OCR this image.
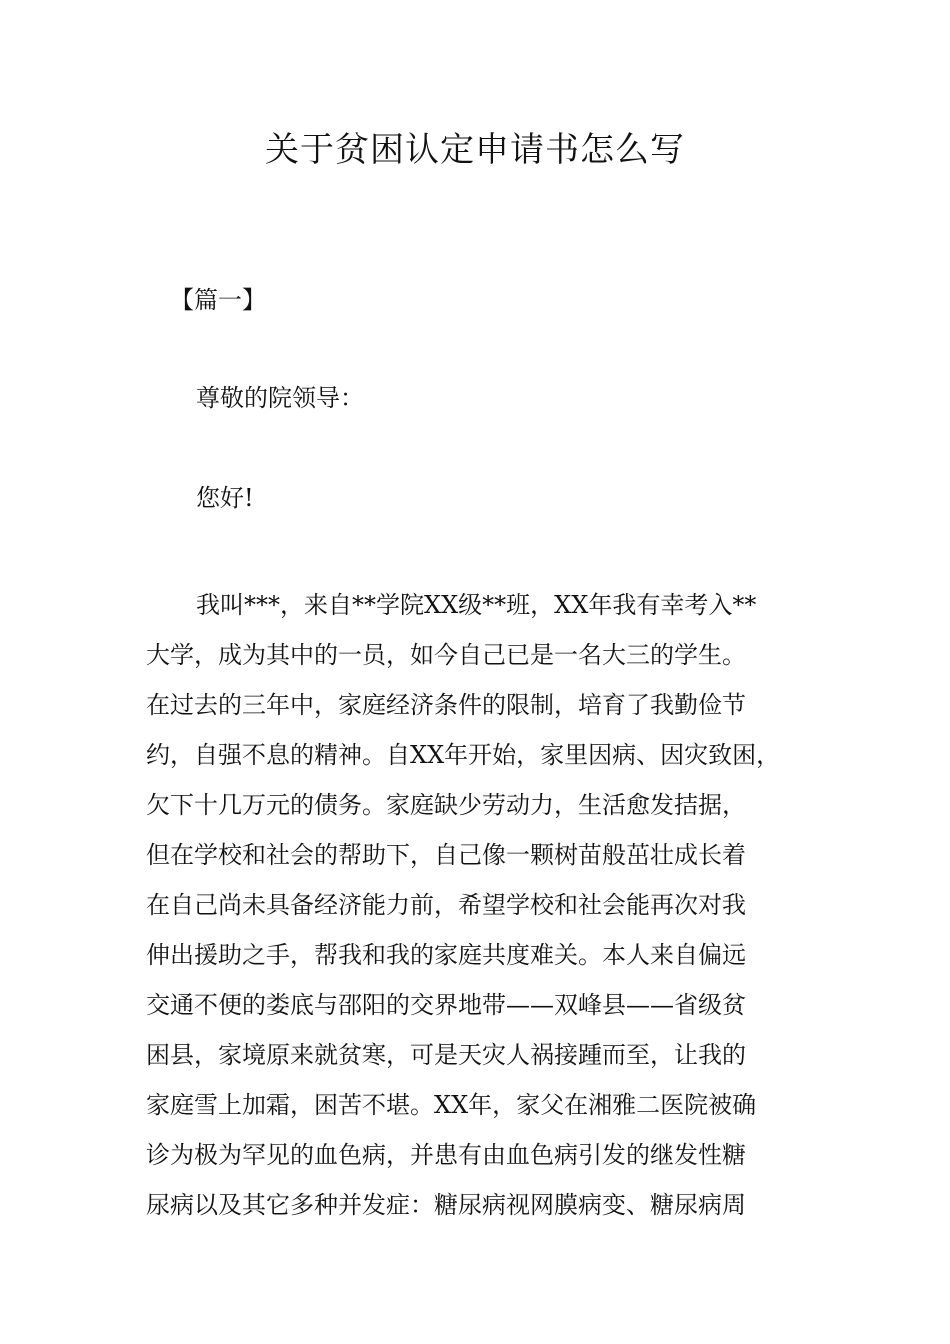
关于贫困认定申请书怎么写
【篇一】
尊敬的院领导：
您好!
我叫***，来自**学院XX级**班，XX年我有幸考入**
大学，成为其中的一员，如今自己已是一名大三的学生。
在过去的三年中，家庭经济条件的限制，培育了我勤俭节
约，自强不息的精神。自XX年开始，家里因病、因灾致困，
欠下十几万元的债务。家庭缺少劳动力，生活愈发拮据，
但在学校和社会的帮助下，自己像一颗树苗般茁壮成长着
在自己尚未具备经济能力前，希望学校和社会能再次对我
伸出援助之手，帮我和我的家庭共度难关。本人来自偏远
交通不便的娄底与邵阳的交界地带——双峰县——省级贫
困县，家境原来就贫寒，可是天灾人祸接踵而至，让我的
家庭雪上加霜，困苦不堪。XX年，家父在湘雅二医院被确
诊为极为罕见的血色病，并患有由血色病引发的继发性糖
尿病以及其它多种并发症：糖尿病视网膜病变、糖尿病周
